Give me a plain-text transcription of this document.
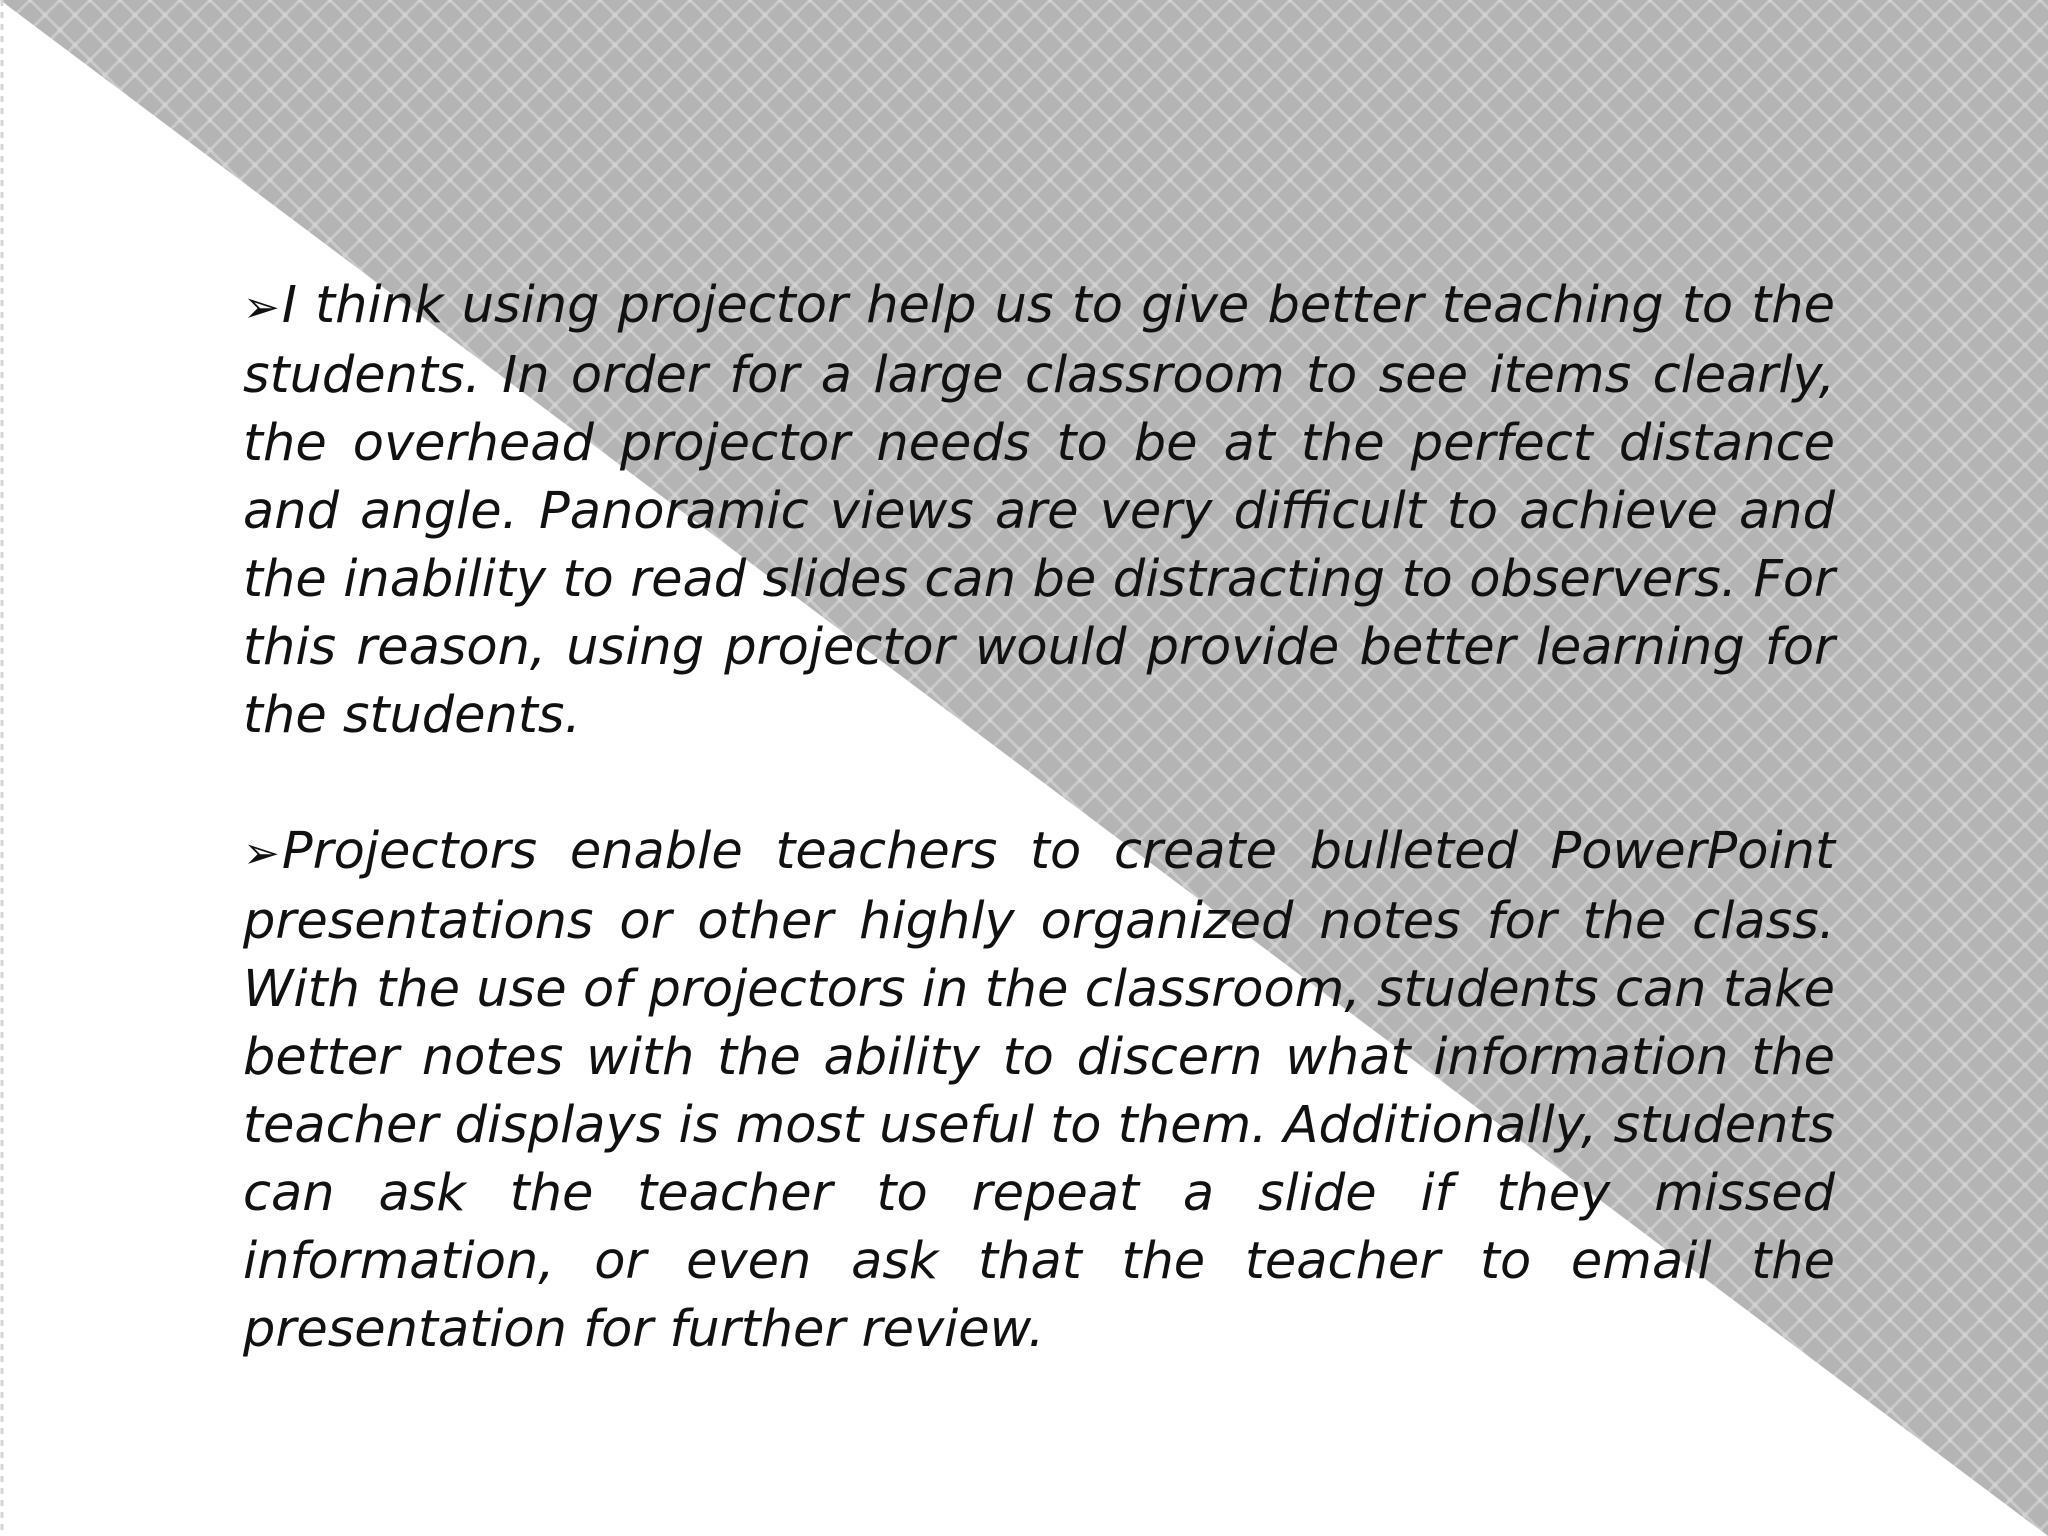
➢I think using projector help us to give better teaching to the students. In order for a large classroom to see items clearly, the overhead projector needs to be at the perfect distance and angle. Panoramic views are very difficult to achieve and the inability to read slides can be distracting to observers. For this reason, using projector would provide better learning for the students.

➢Projectors enable teachers to create bulleted PowerPoint presentations or other highly organized notes for the class. With the use of projectors in the classroom, students can take better notes with the ability to discern what information the teacher displays is most useful to them. Additionally, students can ask the teacher to repeat a slide if they missed information, or even ask that the teacher to email the presentation for further review.
